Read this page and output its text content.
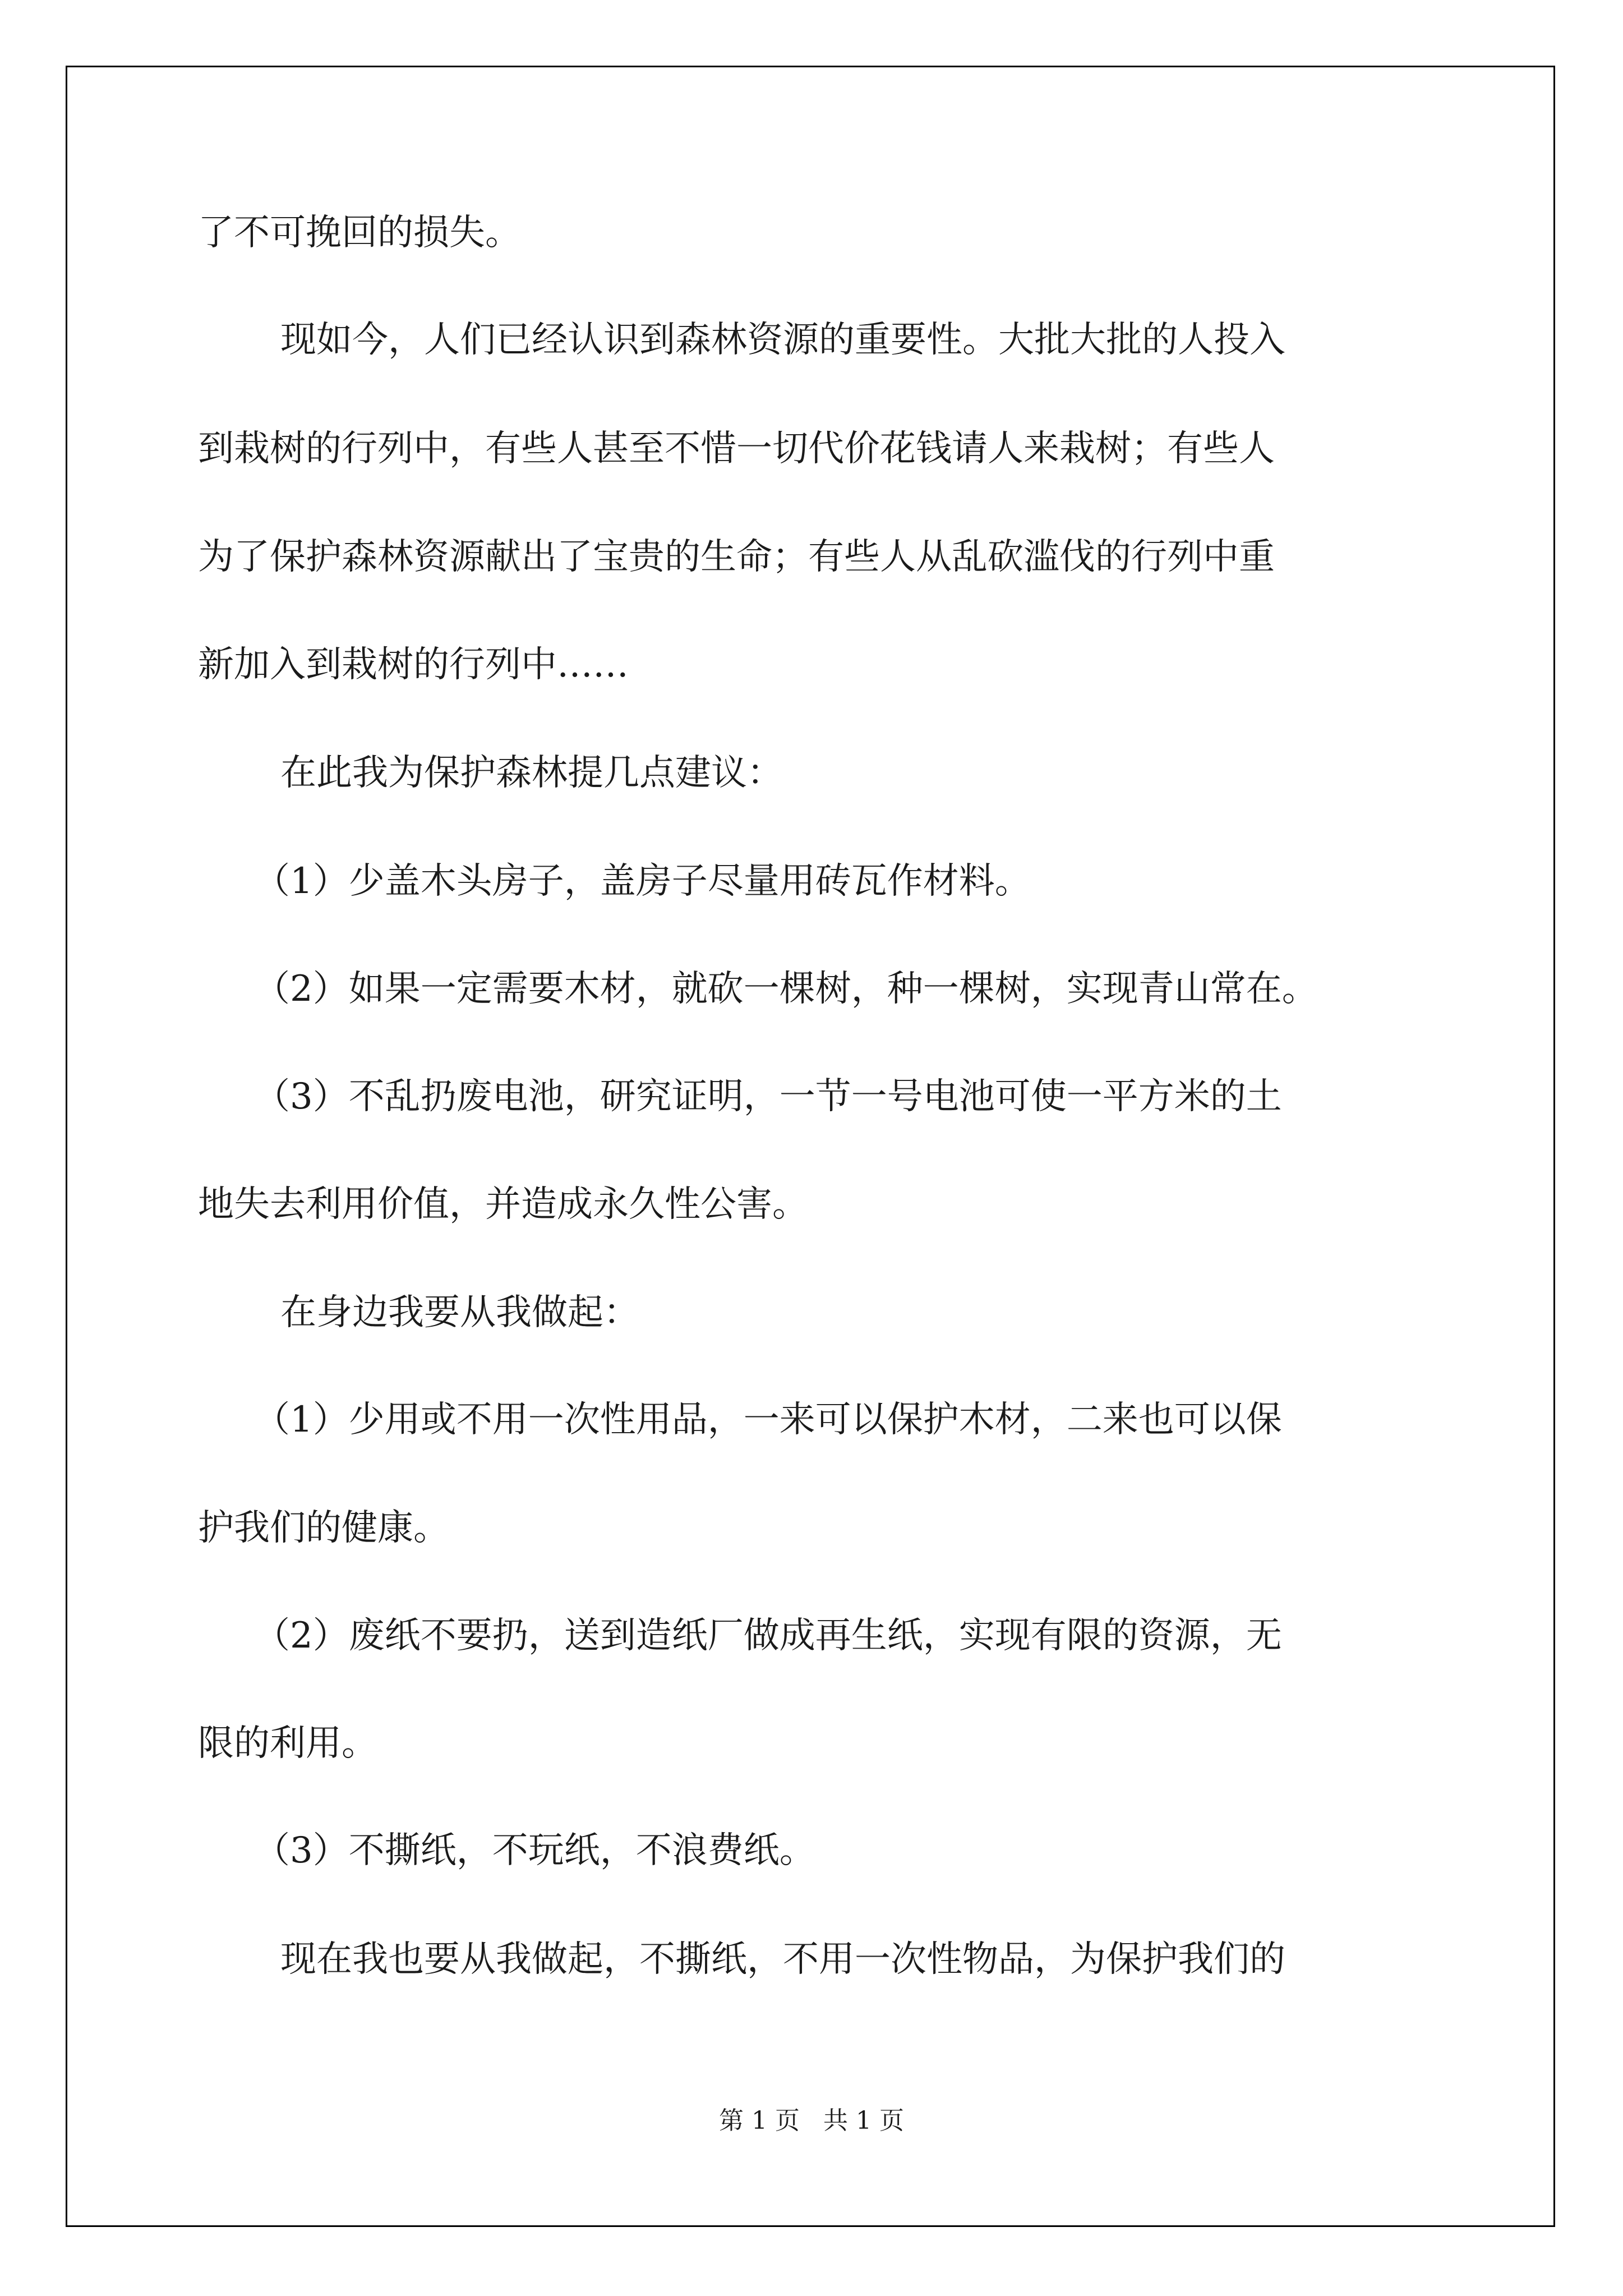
了不可挽回的损失。
现如今，人们已经认识到森林资源的重要性。大批大批的人投入
到栽树的行列中，有些人甚至不惜一切代价花钱请人来栽树；有些人
为了保护森林资源献出了宝贵的生命；有些人从乱砍滥伐的行列中重
新加入到栽树的行列中……
在此我为保护森林提几点建议：
（1）少盖木头房子，盖房子尽量用砖瓦作材料。
（2）如果一定需要木材，就砍一棵树，种一棵树，实现青山常在。
（3）不乱扔废电池，研究证明，一节一号电池可使一平方米的土
地失去利用价值，并造成永久性公害。
在身边我要从我做起：
（1）少用或不用一次性用品，一来可以保护木材，二来也可以保
护我们的健康。
（2）废纸不要扔，送到造纸厂做成再生纸，实现有限的资源，无
限的利用。
（3）不撕纸，不玩纸，不浪费纸。
现在我也要从我做起，不撕纸，不用一次性物品，为保护我们的
第 1 页   共 1 页
